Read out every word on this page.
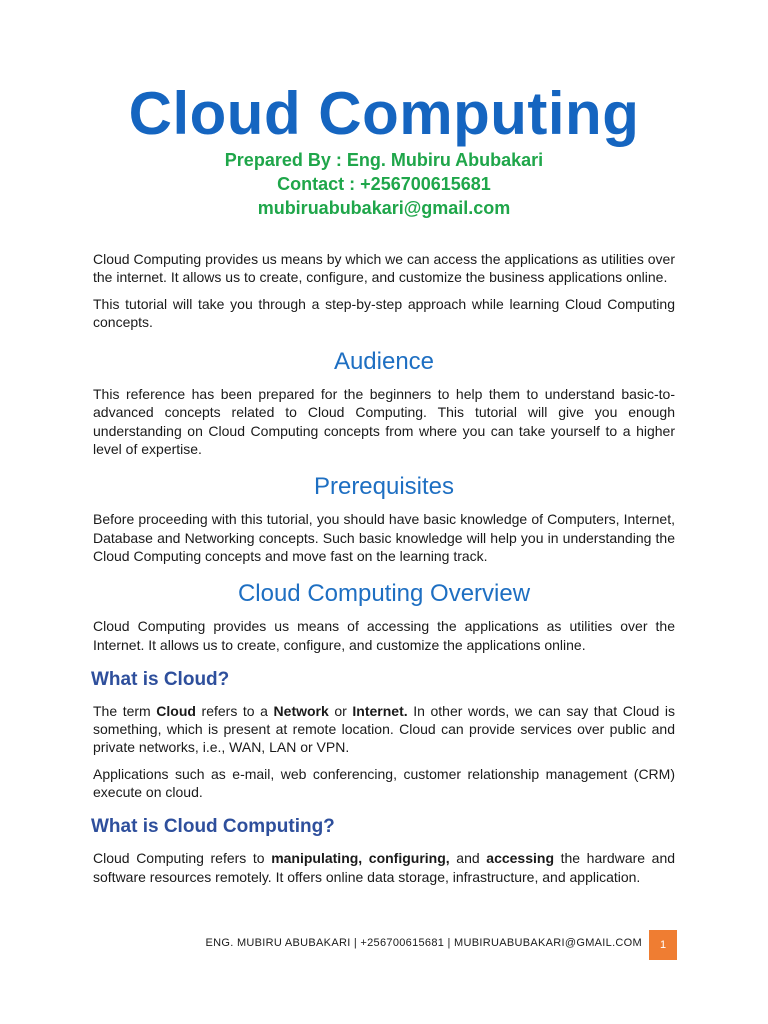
Cloud Computing
Prepared By : Eng. Mubiru Abubakari
Contact : +256700615681
mubiruabubakari@gmail.com

Cloud Computing provides us means by which we can access the applications as utilities over the internet. It allows us to create, configure, and customize the business applications online.

This tutorial will take you through a step-by-step approach while learning Cloud Computing concepts.

Audience

This reference has been prepared for the beginners to help them to understand basic-to-advanced concepts related to Cloud Computing. This tutorial will give you enough understanding on Cloud Computing concepts from where you can take yourself to a higher level of expertise.

Prerequisites

Before proceeding with this tutorial, you should have basic knowledge of Computers, Internet, Database and Networking concepts. Such basic knowledge will help you in understanding the Cloud Computing concepts and move fast on the learning track.

Cloud Computing Overview

Cloud Computing provides us means of accessing the applications as utilities over the Internet. It allows us to create, configure, and customize the applications online.

What is Cloud?

The term Cloud refers to a Network or Internet. In other words, we can say that Cloud is something, which is present at remote location. Cloud can provide services over public and private networks, i.e., WAN, LAN or VPN.

Applications such as e-mail, web conferencing, customer relationship management (CRM) execute on cloud.

What is Cloud Computing?

Cloud Computing refers to manipulating, configuring, and accessing the hardware and software resources remotely. It offers online data storage, infrastructure, and application.

ENG. MUBIRU ABUBAKARI | +256700615681 | MUBIRUABUBAKARI@GMAIL.COM	1
